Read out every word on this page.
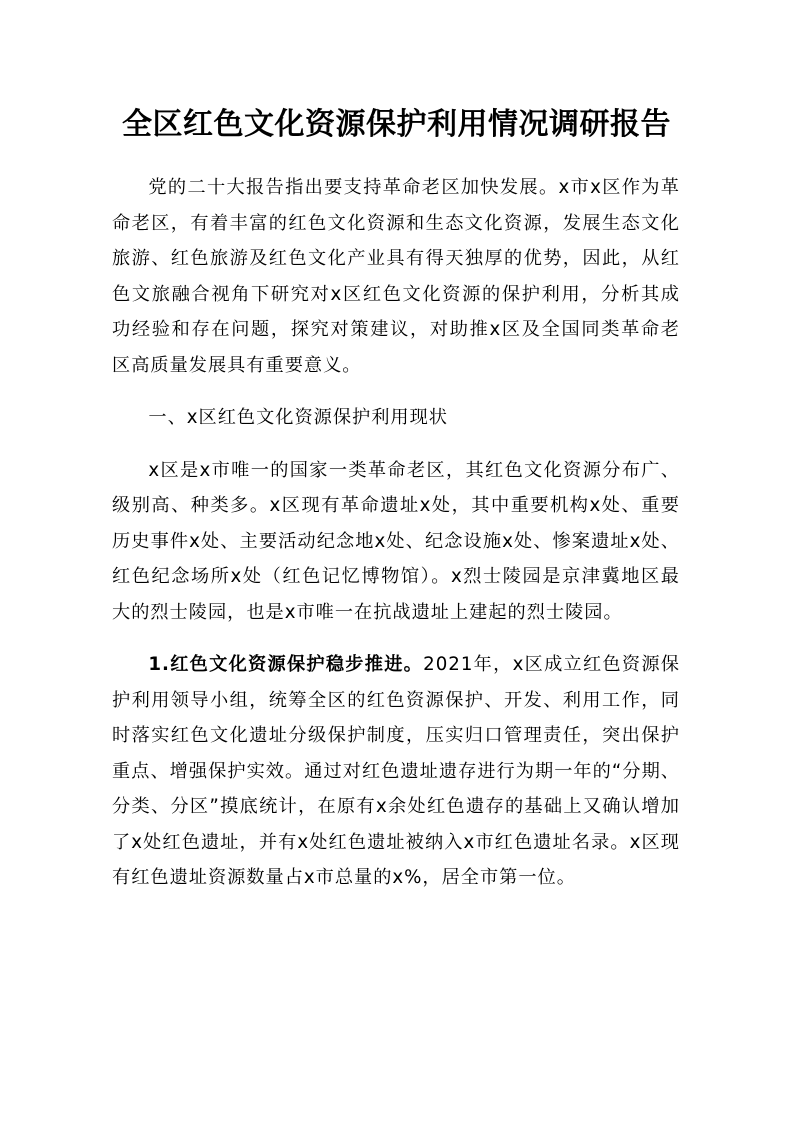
全区红色文化资源保护利用情况调研报告

党的二十大报告指出要支持革命老区加快发展。x市x区作为革命老区，有着丰富的红色文化资源和生态文化资源，发展生态文化旅游、红色旅游及红色文化产业具有得天独厚的优势，因此，从红色文旅融合视角下研究对x区红色文化资源的保护利用，分析其成功经验和存在问题，探究对策建议，对助推x区及全国同类革命老区高质量发展具有重要意义。

一、x区红色文化资源保护利用现状

x区是x市唯一的国家一类革命老区，其红色文化资源分布广、级别高、种类多。x区现有革命遗址x处，其中重要机构x处、重要历史事件x处、主要活动纪念地x处、纪念设施x处、惨案遗址x处、红色纪念场所x处（红色记忆博物馆）。x烈士陵园是京津冀地区最大的烈士陵园，也是x市唯一在抗战遗址上建起的烈士陵园。

1.红色文化资源保护稳步推进。2021年，x区成立红色资源保护利用领导小组，统筹全区的红色资源保护、开发、利用工作，同时落实红色文化遗址分级保护制度，压实归口管理责任，突出保护重点、增强保护实效。通过对红色遗址遗存进行为期一年的“分期、分类、分区”摸底统计，在原有x余处红色遗存的基础上又确认增加了x处红色遗址，并有x处红色遗址被纳入x市红色遗址名录。x区现有红色遗址资源数量占x市总量的x%，居全市第一位。
